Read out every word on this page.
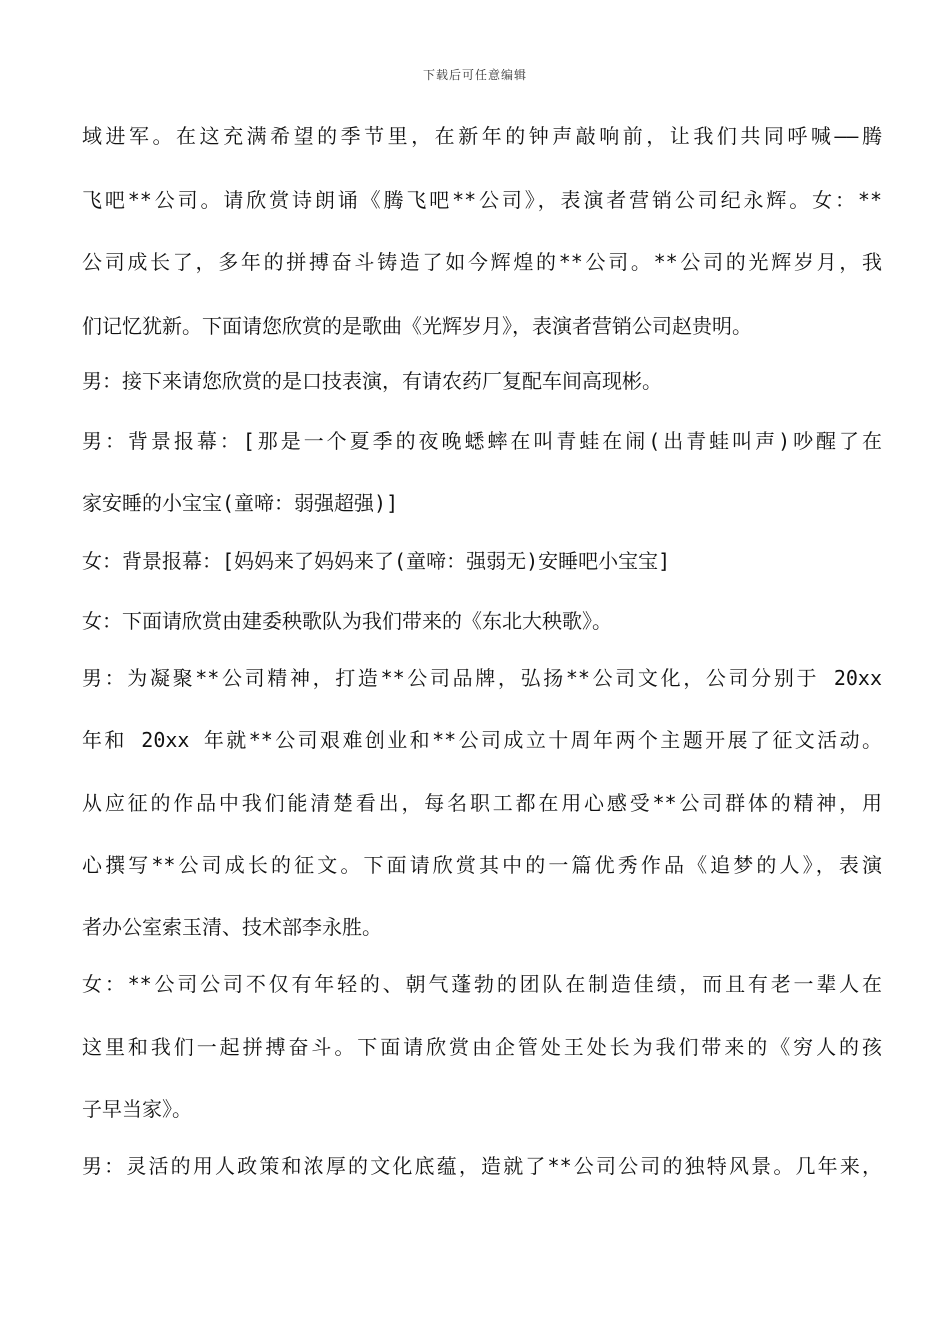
下载后可任意编辑
域进军。在这充满希望的季节里，在新年的钟声敲响前，让我们共同呼喊——腾
飞吧**公司。请欣赏诗朗诵《腾飞吧**公司》，表演者营销公司纪永辉。女：**
公司成长了，多年的拼搏奋斗铸造了如今辉煌的**公司。**公司的光辉岁月，我
们记忆犹新。下面请您欣赏的是歌曲《光辉岁月》，表演者营销公司赵贵明。
男：接下来请您欣赏的是口技表演，有请农药厂复配车间高现彬。
男：背景报幕：[那是一个夏季的夜晚蟋蟀在叫青蛙在闹(出青蛙叫声)吵醒了在
家安睡的小宝宝(童啼：弱强超强)]
女：背景报幕：[妈妈来了妈妈来了(童啼：强弱无)安睡吧小宝宝]
女：下面请欣赏由建委秧歌队为我们带来的《东北大秧歌》。
男：为凝聚**公司精神，打造**公司品牌，弘扬**公司文化，公司分别于 20xx
年和 20xx 年就**公司艰难创业和**公司成立十周年两个主题开展了征文活动。
从应征的作品中我们能清楚看出，每名职工都在用心感受**公司群体的精神，用
心撰写**公司成长的征文。下面请欣赏其中的一篇优秀作品《追梦的人》，表演
者办公室索玉清、技术部李永胜。
女：**公司公司不仅有年轻的、朝气蓬勃的团队在制造佳绩，而且有老一辈人在
这里和我们一起拼搏奋斗。下面请欣赏由企管处王处长为我们带来的《穷人的孩
子早当家》。
男：灵活的用人政策和浓厚的文化底蕴，造就了**公司公司的独特风景。几年来，
